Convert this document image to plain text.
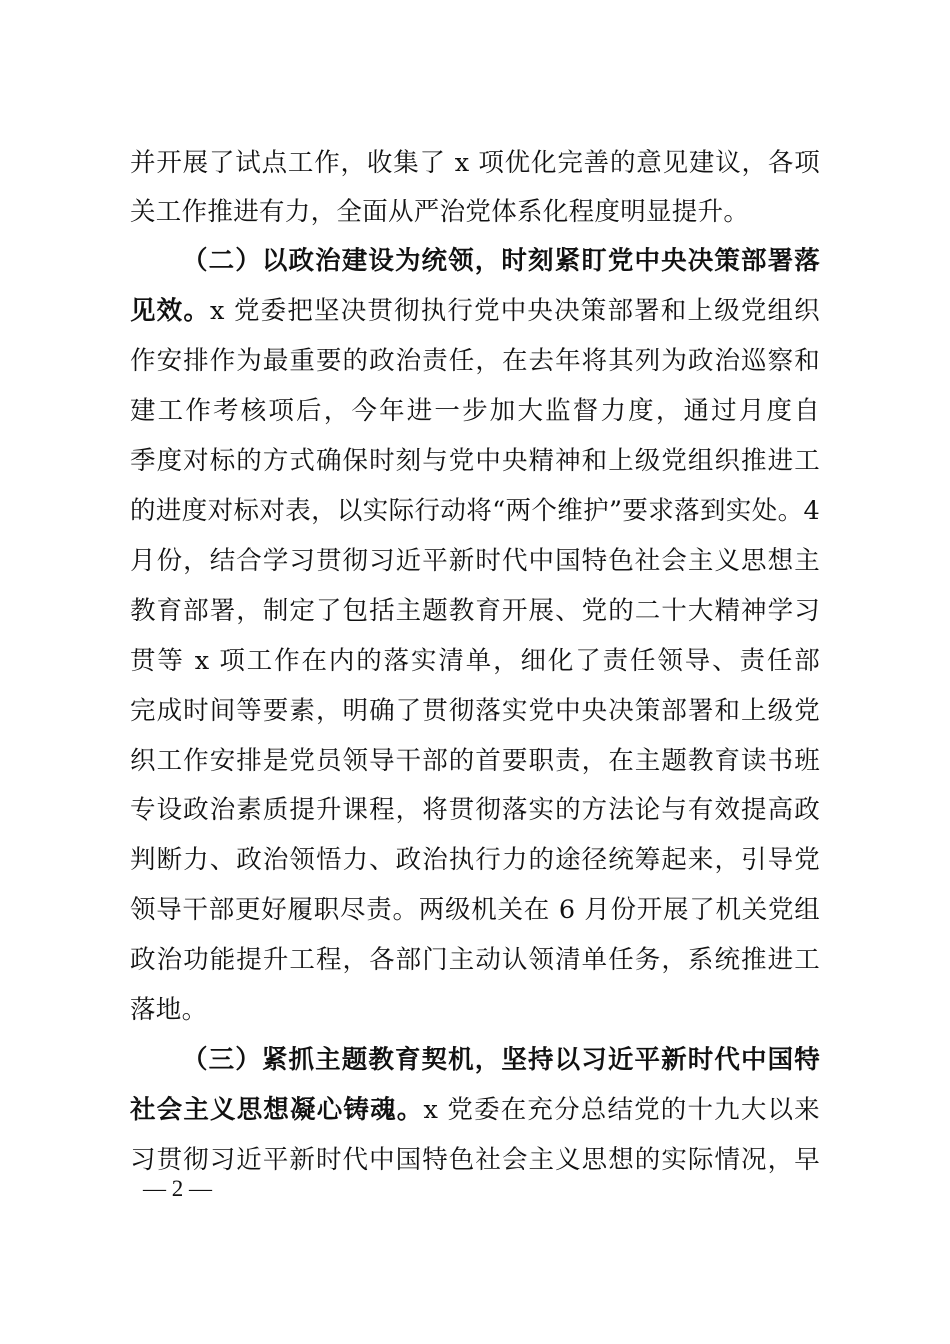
并开展了试点工作，收集了 x 项优化完善的意见建议，各项
关工作推进有力，全面从严治党体系化程度明显提升。
（二）以政治建设为统领，时刻紧盯党中央决策部署落
见效。x 党委把坚决贯彻执行党中央决策部署和上级党组织
作安排作为最重要的政治责任，在去年将其列为政治巡察和
建工作考核项后，今年进一步加大监督力度，通过月度自
季度对标的方式确保时刻与党中央精神和上级党组织推进工
的进度对标对表，以实际行动将“两个维护”要求落到实处。4
月份，结合学习贯彻习近平新时代中国特色社会主义思想主
教育部署，制定了包括主题教育开展、党的二十大精神学习
贯等 x 项工作在内的落实清单，细化了责任领导、责任部
完成时间等要素，明确了贯彻落实党中央决策部署和上级党
织工作安排是党员领导干部的首要职责，在主题教育读书班
专设政治素质提升课程，将贯彻落实的方法论与有效提高政
判断力、政治领悟力、政治执行力的途径统筹起来，引导党
领导干部更好履职尽责。两级机关在 6 月份开展了机关党组
政治功能提升工程，各部门主动认领清单任务，系统推进工
落地。
（三）紧抓主题教育契机，坚持以习近平新时代中国特
社会主义思想凝心铸魂。x 党委在充分总结党的十九大以来
习贯彻习近平新时代中国特色社会主义思想的实际情况，早
— 2 —
